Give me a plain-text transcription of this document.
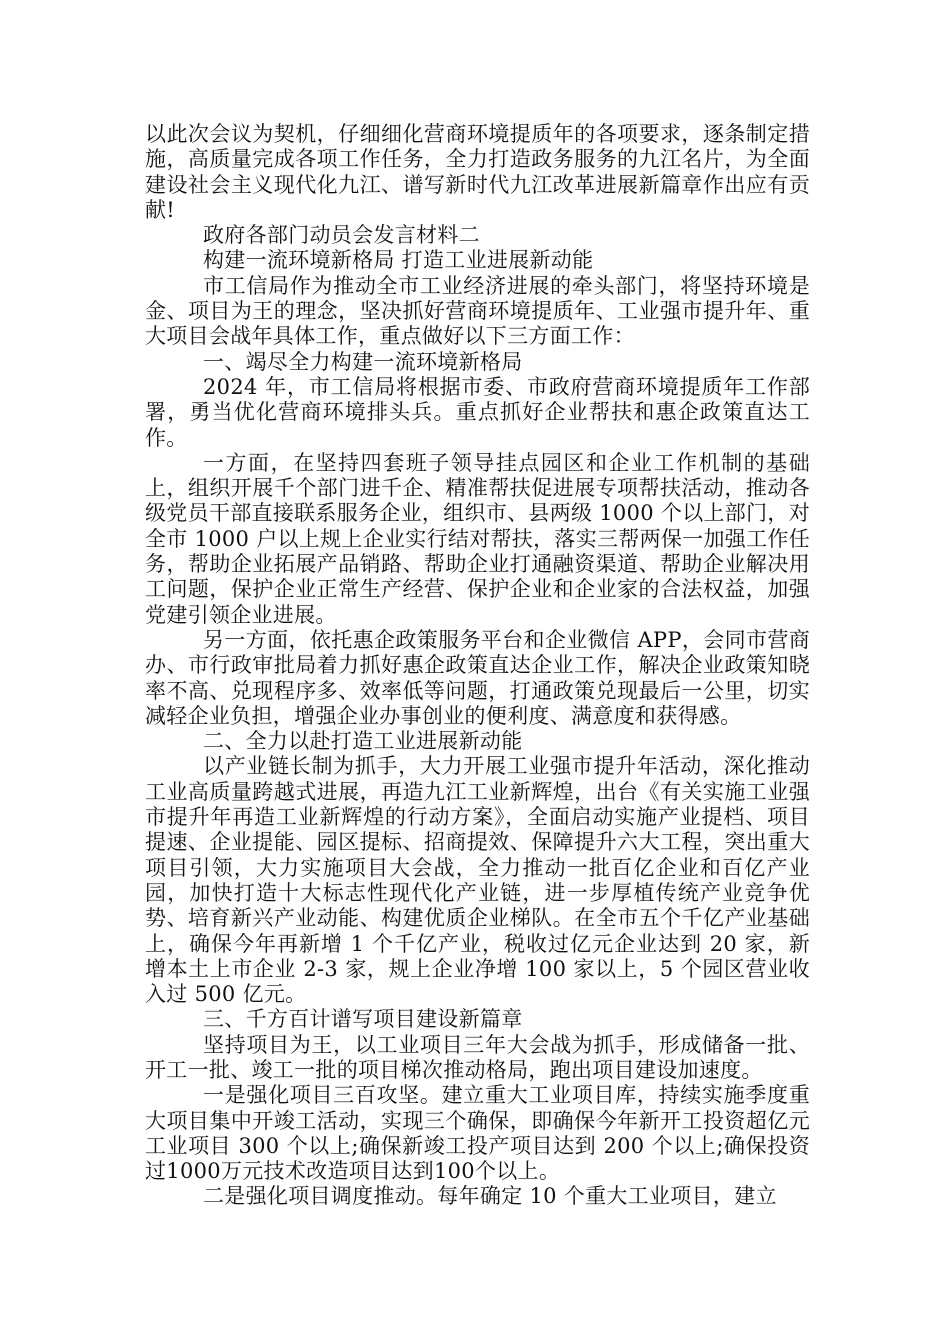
以此次会议为契机，仔细细化营商环境提质年的各项要求，逐条制定措施，高质量完成各项工作任务，全力打造政务服务的九江名片，为全面建设社会主义现代化九江、谱写新时代九江改革进展新篇章作出应有贡献!

政府各部门动员会发言材料二

构建一流环境新格局 打造工业进展新动能

市工信局作为推动全市工业经济进展的牵头部门，将坚持环境是金、项目为王的理念，坚决抓好营商环境提质年、工业强市提升年、重大项目会战年具体工作，重点做好以下三方面工作：

一、竭尽全力构建一流环境新格局

2024 年，市工信局将根据市委、市政府营商环境提质年工作部署，勇当优化营商环境排头兵。重点抓好企业帮扶和惠企政策直达工作。

一方面，在坚持四套班子领导挂点园区和企业工作机制的基础上，组织开展千个部门进千企、精准帮扶促进展专项帮扶活动，推动各级党员干部直接联系服务企业，组织市、县两级 1000 个以上部门，对全市 1000 户以上规上企业实行结对帮扶，落实三帮两保一加强工作任务，帮助企业拓展产品销路、帮助企业打通融资渠道、帮助企业解决用工问题，保护企业正常生产经营、保护企业和企业家的合法权益，加强党建引领企业进展。

另一方面，依托惠企政策服务平台和企业微信 APP，会同市营商办、市行政审批局着力抓好惠企政策直达企业工作，解决企业政策知晓率不高、兑现程序多、效率低等问题，打通政策兑现最后一公里，切实减轻企业负担，增强企业办事创业的便利度、满意度和获得感。

二、全力以赴打造工业进展新动能

以产业链长制为抓手，大力开展工业强市提升年活动，深化推动工业高质量跨越式进展，再造九江工业新辉煌，出台《有关实施工业强市提升年再造工业新辉煌的行动方案》，全面启动实施产业提档、项目提速、企业提能、园区提标、招商提效、保障提升六大工程，突出重大项目引领，大力实施项目大会战，全力推动一批百亿企业和百亿产业园，加快打造十大标志性现代化产业链，进一步厚植传统产业竞争优势、培育新兴产业动能、构建优质企业梯队。在全市五个千亿产业基础上，确保今年再新增 1 个千亿产业，税收过亿元企业达到 20 家，新增本土上市企业 2-3 家，规上企业净增 100 家以上，5 个园区营业收入过 500 亿元。

三、千方百计谱写项目建设新篇章

坚持项目为王，以工业项目三年大会战为抓手，形成储备一批、开工一批、竣工一批的项目梯次推动格局，跑出项目建设加速度。

一是强化项目三百攻坚。建立重大工业项目库，持续实施季度重大项目集中开竣工活动，实现三个确保，即确保今年新开工投资超亿元工业项目 300 个以上;确保新竣工投产项目达到 200 个以上;确保投资过1000万元技术改造项目达到100个以上。

二是强化项目调度推动。每年确定 10 个重大工业项目，建立
